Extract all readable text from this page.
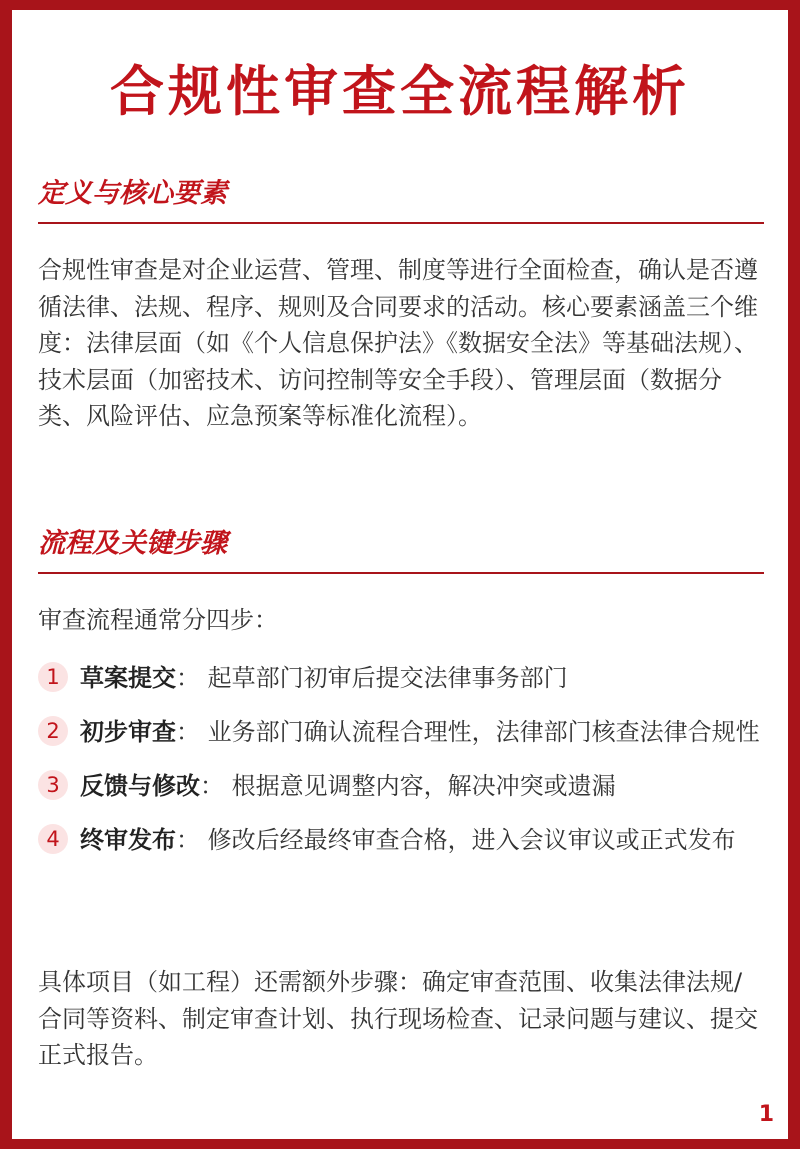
合规性审查全流程解析
定义与核心要素

合规性审查是对企业运营、管理、制度等进行全面检查，确认是否遵循法律、法规、程序、规则及合同要求的活动。核心要素涵盖三个维度：法律层面（如《个人信息保护法》《数据安全法》等基础法规）、技术层面（加密技术、访问控制等安全手段）、管理层面（数据分类、风险评估、应急预案等标准化流程）。

流程及关键步骤

审查流程通常分四步：

1 草案提交： 起草部门初审后提交法律事务部门
2 初步审查： 业务部门确认流程合理性，法律部门核查法律合规性
3 反馈与修改： 根据意见调整内容，解决冲突或遗漏
4 终审发布： 修改后经最终审查合格，进入会议审议或正式发布

具体项目（如工程）还需额外步骤：确定审查范围、收集法律法规/合同等资料、制定审查计划、执行现场检查、记录问题与建议、提交正式报告。

1
